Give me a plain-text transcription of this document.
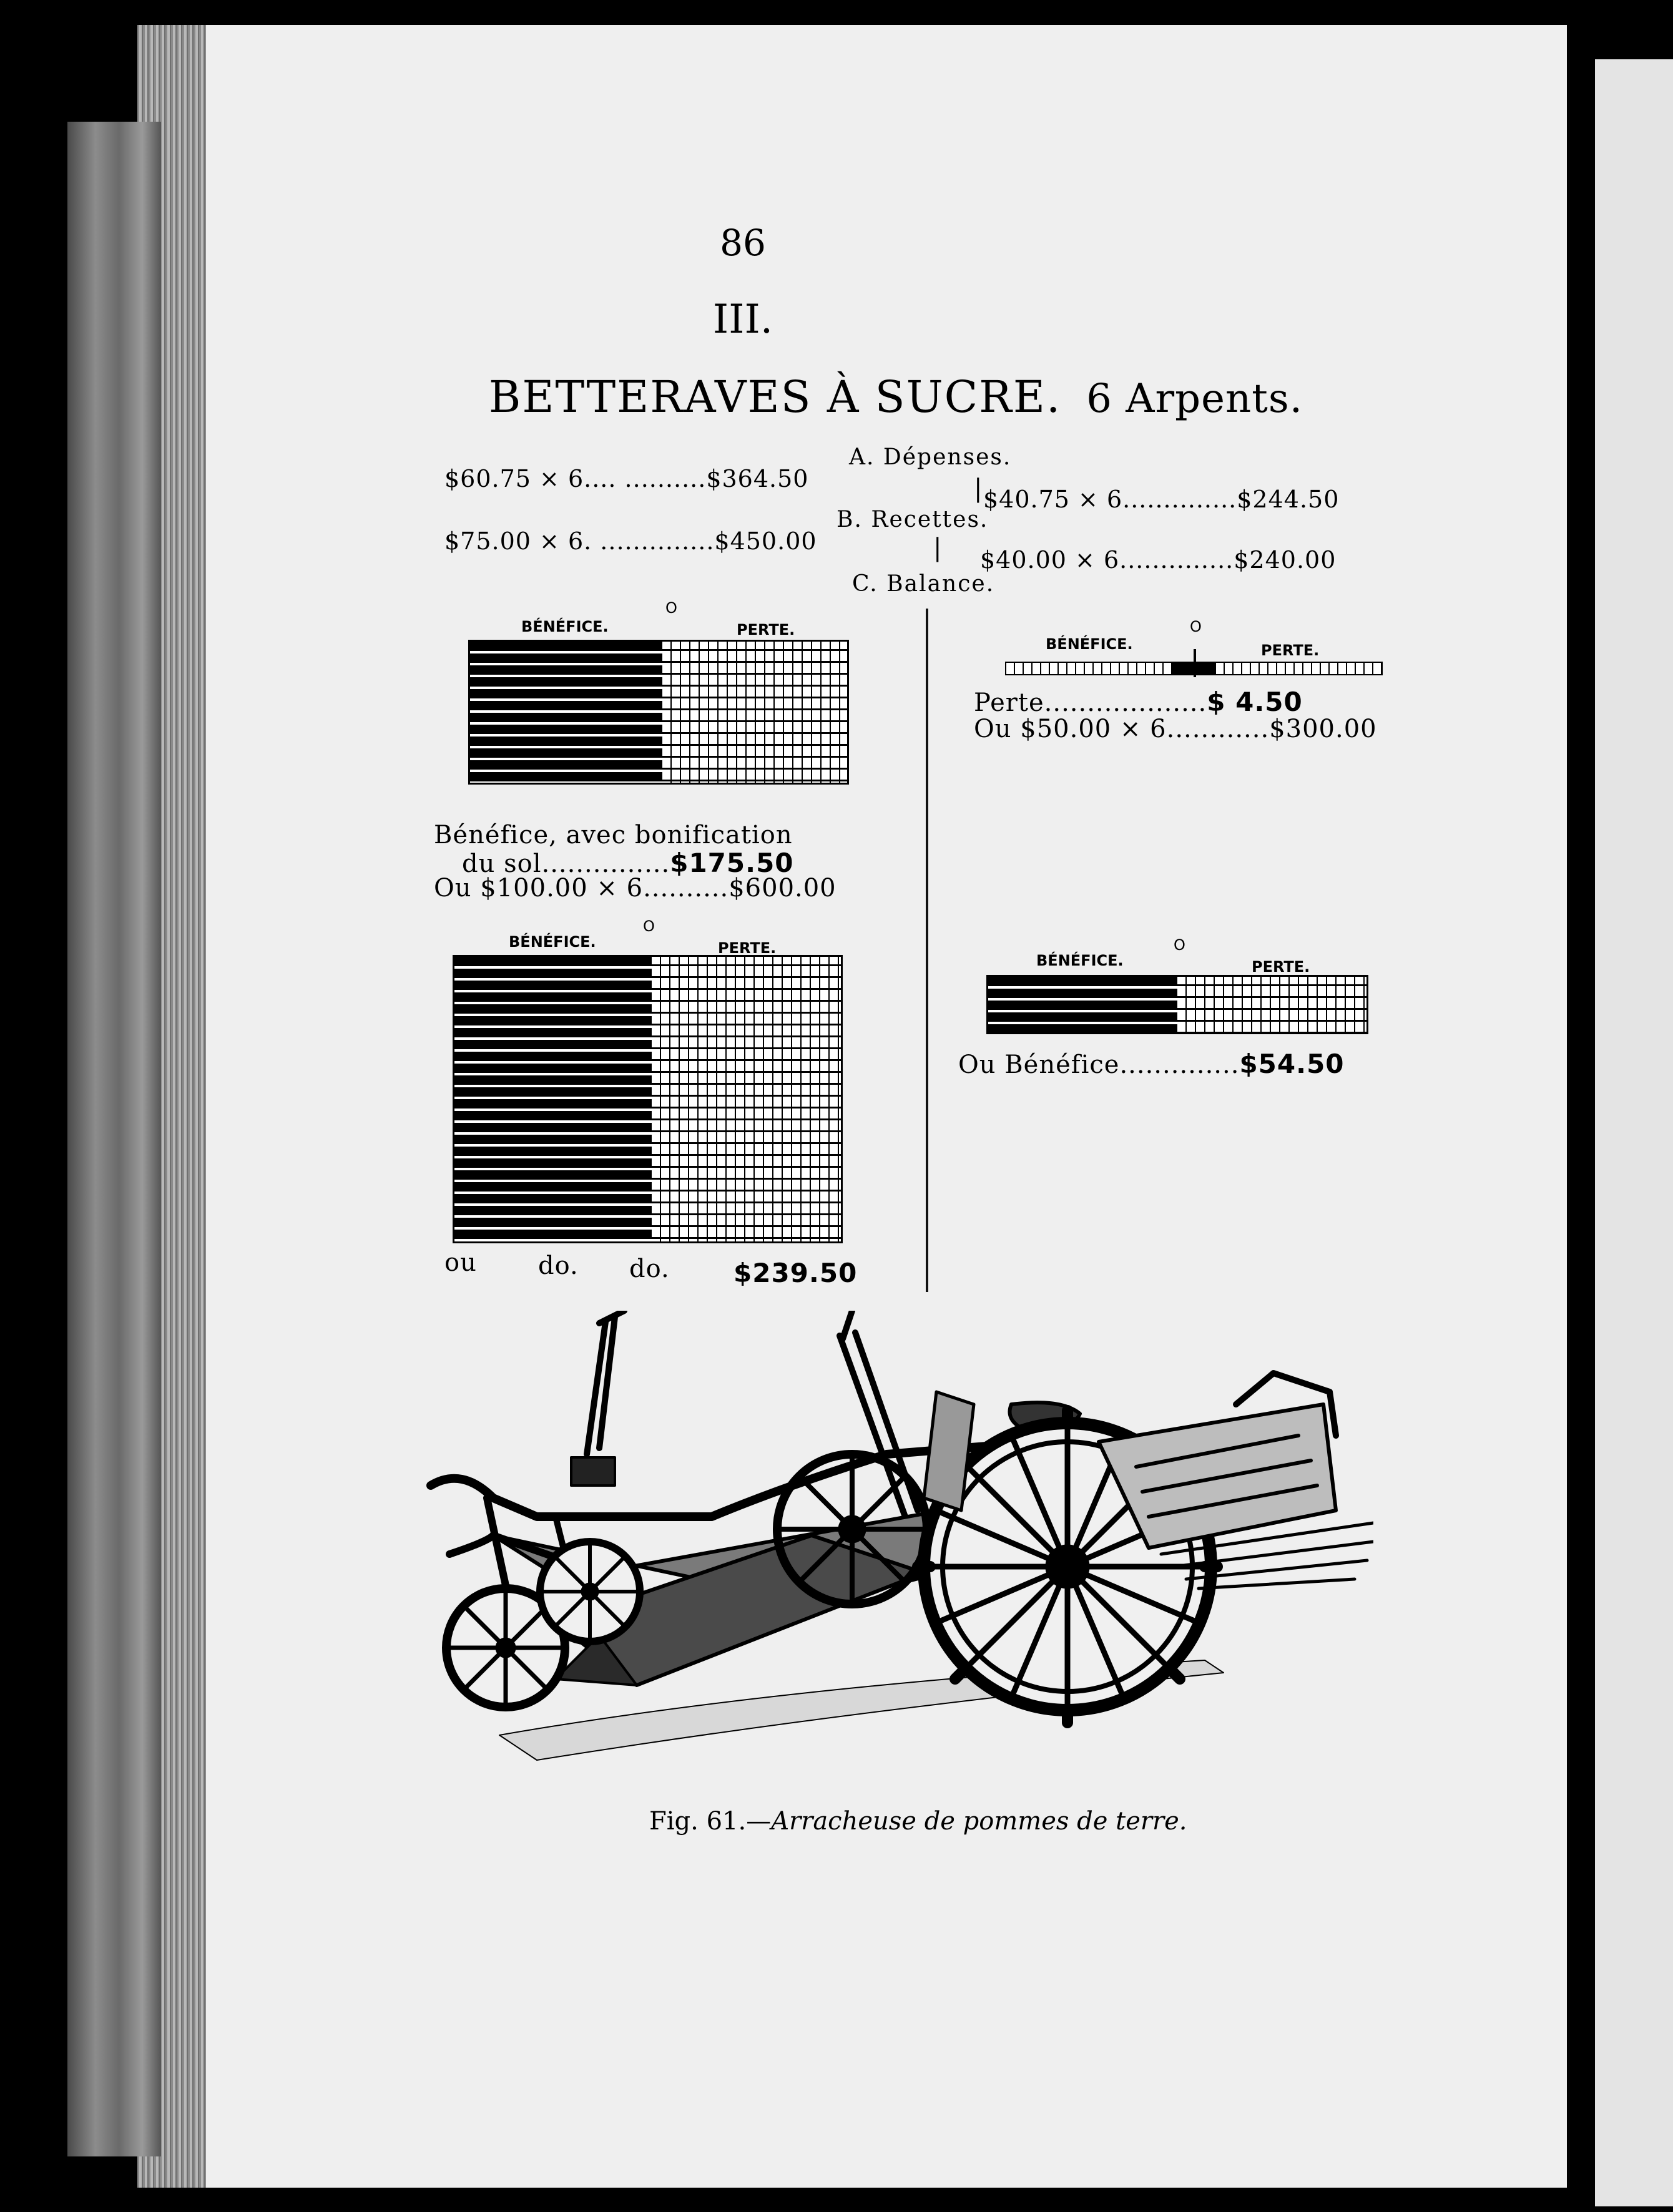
86
III.
BETTERAVES À SUCRE. 6 Arpents.
A. Dépenses.
$60.75 × 6.... ..........$364.50	| $40.75 × 6..............$244.50
B. Recettes.
$75.00 × 6. ..............$450.00	| $40.00 × 6..............$240.00
C. Balance.
O
BÉNÉFICE.	PERTE.
Bénéfice, avec bonification
du sol...............$175.50
Ou $100.00 × 6..........$600.00
O
BÉNÉFICE.	PERTE.
ou do. do. $239.50
O
BÉNÉFICE.	PERTE.
Perte...................$ 4.50
Ou $50.00 × 6............$300.00
O
BÉNÉFICE.	PERTE.
Ou Bénéfice..............$54.50
Fig. 61.—Arracheuse de pommes de terre.
